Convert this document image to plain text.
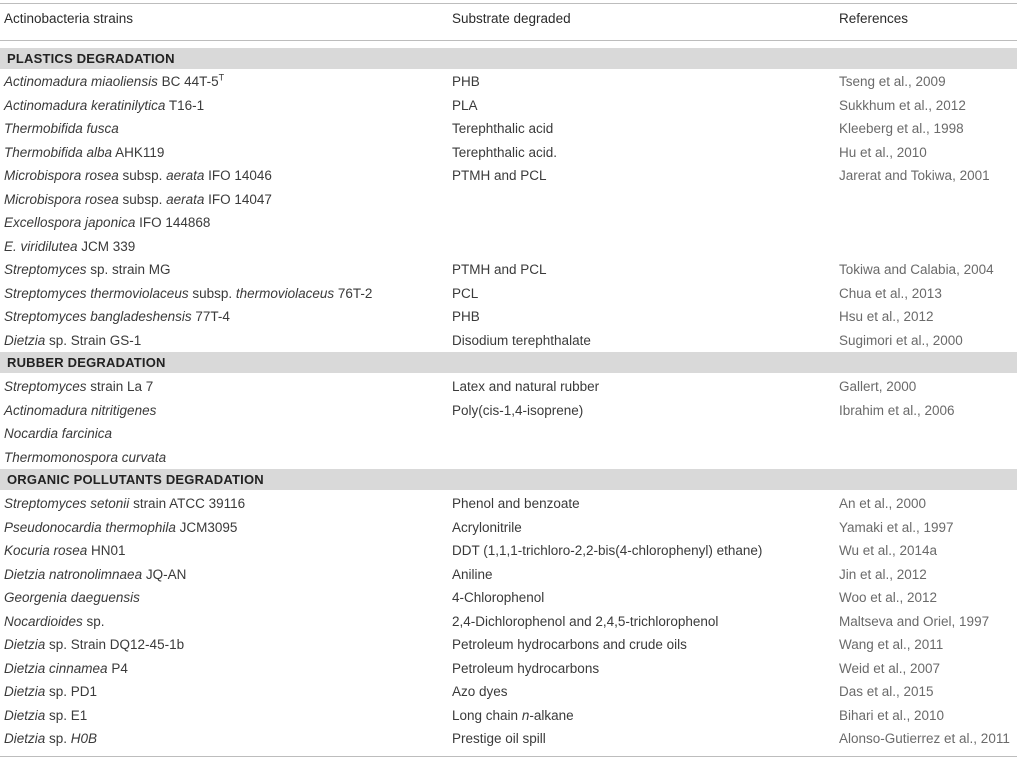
Actinobacteria strains	Substrate degraded	References
PLASTICS DEGRADATION
Actinomadura miaoliensis BC $44T-5^T$	PHB	Tseng et al., 2009
Actinomadura keratinilytica T16-1	PLA	Sukkhum et al., 2012
Thermobifida fusca	Terephthalic acid	Kleeberg et al., 1998
Thermobifida alba AHK119	Terephthalic acid.	Hu et al., 2010
Microbispora rosea subsp. aerata IFO 14046	PTMH and PCL	Jarerat and Tokiwa, 2001
Microbispora rosea subsp. aerata IFO 14047
Excellospora japonica IFO 144868
E. viridilutea JCM 339
Streptomyces sp. strain MG	PTMH and PCL	Tokiwa and Calabia, 2004
Streptomyces thermoviolaceus subsp. thermoviolaceus 76T-2	PCL	Chua et al., 2013
Streptomyces bangladeshensis 77T-4	PHB	Hsu et al., 2012
Dietzia sp. Strain GS-1	Disodium terephthalate	Sugimori et al., 2000
RUBBER DEGRADATION
Streptomyces strain La 7	Latex and natural rubber	Gallert, 2000
Actinomadura nitritigenes	Poly(cis-1,4-isoprene)	Ibrahim et al., 2006
Nocardia farcinica
Thermomonospora curvata
ORGANIC POLLUTANTS DEGRADATION
Streptomyces setonii strain ATCC 39116	Phenol and benzoate	An et al., 2000
Pseudonocardia thermophila JCM3095	Acrylonitrile	Yamaki et al., 1997
Kocuria rosea HN01	DDT (1,1,1-trichloro-2,2-bis(4-chlorophenyl) ethane)	Wu et al., 2014a
Dietzia natronolimnaea JQ-AN	Aniline	Jin et al., 2012
Georgenia daeguensis	4-Chlorophenol	Woo et al., 2012
Nocardioides sp.	2,4-Dichlorophenol and 2,4,5-trichlorophenol	Maltseva and Oriel, 1997
Dietzia sp. Strain DQ12-45-1b	Petroleum hydrocarbons and crude oils	Wang et al., 2011
Dietzia cinnamea P4	Petroleum hydrocarbons	Weid et al., 2007
Dietzia sp. PD1	Azo dyes	Das et al., 2015
Dietzia sp. E1	Long chain n-alkane	Bihari et al., 2010
Dietzia sp. H0B	Prestige oil spill	Alonso-Gutierrez et al., 2011
